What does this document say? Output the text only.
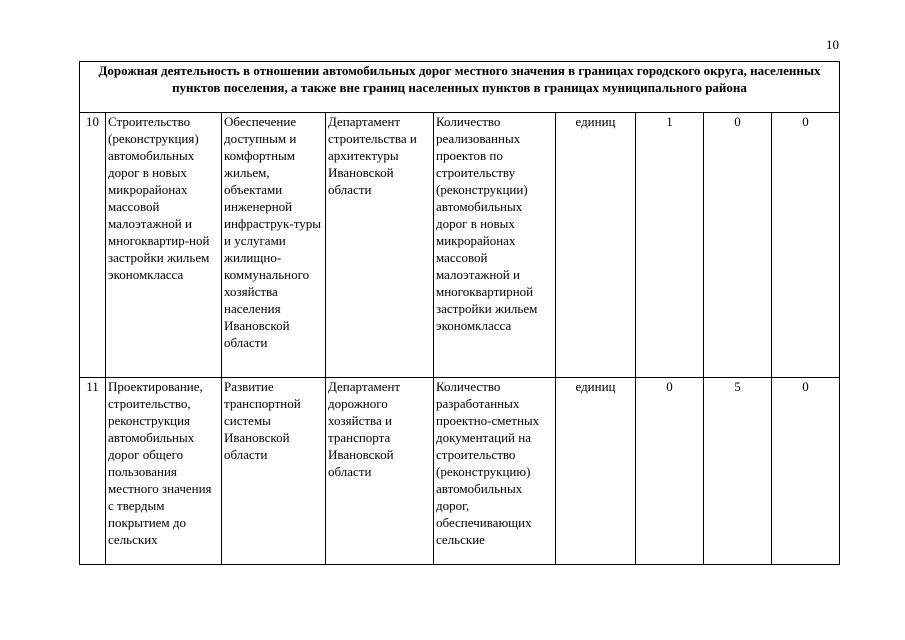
10
Дорожная деятельность в отношении автомобильных дорог местного значения в границах городского округа, населенных пунктов поселения, а также вне границ населенных пунктов в границах муниципального района								

10	Строительство (реконструкция) автомобильных дорог в новых микрорайонах массовой малоэтажной и многоквартир-ной застройки жильем экономкласса	Обеспечение доступным и комфортным жильем, объектами инженерной инфраструк-туры и услугами жилищно-коммунального хозяйства населения Ивановской области	Департамент строительства и архитектуры Ивановской области	Количество реализованных проектов по строительству (реконструкции) автомобильных дорог в новых микрорайонах массовой малоэтажной и многоквартирной застройки жильем экономкласса	единиц	1	0	0

11	Проектирование, строительство, реконструкция автомобильных дорог общего пользования местного значения с твердым покрытием до сельских	Развитие транспортной системы Ивановской области	Департамент дорожного хозяйства и транспорта Ивановской области	Количество разработанных проектно-сметных документаций на строительство (реконструкцию) автомобильных дорог, обеспечивающих сельские	единиц	0	5	0
